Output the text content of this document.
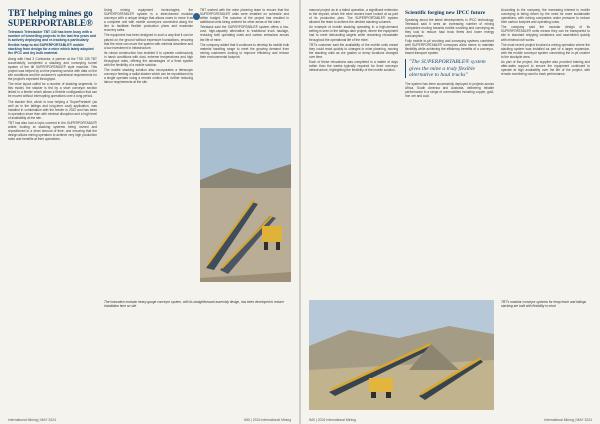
TBT helping mines go SUPERPORTABLE®

Telestack Telestacker TBT 140 has been busy with a number of tunnelling projects in the last few years and is actively deploying and re-tracking a particularly flexible heap to aid SUPERPORTABLE® mobile stacking from design for a mine which lately adopted the IPCC and dry bulk material.

Along with Haul 3 Contractor, a partner at the TSS 135 TBT successfully completed a stacking and conveying tunnel system of the tilt SUPERPORTABLE® style machine. This project was helped by a mine planning service with data on the site conditions and the customer's operational requirements for the project's expected throughput.

The mine layout called for a number of stacking segments. In this model, the stacker is fed by a short conveyor section linked to a feeder which allows a flexible configuration that can be moved without interrupting operations over a long period.

The stacker first, which is now helping a 'SuperPortable' (as well as in the tailings and long-term coal) application, was installed in combination with the feeder in 2022 and has been in operation since then with minimal disruption and a high level of availability at the site.

TBT has also had a topic covered in the SUPERPORTABLE® article looking at stacking systems being moved and repositioned in a short amount of time, and ensuring that the design allows mining operators to achieve very high production rates and benefits at their operations.

Using mining equipment technologies, the SUPERPORTABLE® system is a steel-framed modular conveyor with a unique design that allows users to move it as a complete unit with mobile conveyors connected along the line to facilitate flexible production plans and maximise recovery rates.

The equipment has been designed in such a way that it can be placed on the ground without expensive foundations, ensuring that the mine can move the system with minimal downtime and a low investment in infrastructure.

Its robust construction has enabled it to operate continuously in harsh conditions with dust, extreme temperatures and high throughput rates, offering the advantages of a fixed system with the flexibility of a mobile solution.

The mobile stacking solution also incorporates a telescopic conveyor feeding a radial stacker which can be repositioned by a single operator using a remote control unit, further reducing labour requirements at the site.

TBT worked with the mine planning team to ensure that the SUPERPORTABLE® units were installed on schedule and within budget. The success of the project has resulted in additional units being ordered for other areas of the mine.

Telestack said the SUPERPORTABLE® system offers a low-cost, high-capacity alternative to traditional truck haulage, reducing both operating costs and carbon emissions across the life of mine.

The company added that it continues to develop its mobile bulk material handling range to meet the growing demand from mining customers looking to improve efficiency and reduce their environmental footprint.

The innovative modular heavy gauge conveyor system, with its straightforward assembly design, has been developed to reduce installation time on site
International Mining | MAY 2024	IMX | 2024 International Mining

manual project as in a tailed operation, a significant extension to the deposit, which the mine owners have looked at as part of its production plan. The SUPERPORTABLE® system allowed the team to achieve the desired stacking volumes.

An example of mobile stacking operating in a high-demand setting is seen in the tailings dam project, where the equipment had to meet demanding targets while remaining relocatable throughout the operational life of the mine.

TBT's customer said the availability of the mobile units meant they could react quickly to changes in mine planning, moving the stacking units as ore grades or dump locations changed over time.

Each of these relocations was completed in a matter of days rather than the weeks typically required for fixed conveyor infrastructure, highlighting the flexibility of the mobile solution.

Scientific forging new IPCC future

Speaking about the latest developments in IPCC technology, Telestack said it sees an increasing number of mining companies moving towards mobile crushing and conveying as they look to reduce haul truck fleets and lower energy consumption.

Fully mobile in-pit crushing and conveying systems combined with SUPERPORTABLE® conveyors allow mines to maintain flexibility while achieving the efficiency benefits of a conveyor-based transport system.

"The SUPERPORTABLE® system gives the mine a truly flexible alternative to haul trucks"

The system has been successfully deployed in projects across Africa, South America and Australia, delivering reliable performance in a range of commodities including copper, gold, iron ore and coal.

According to the company, the increasing interest in mobile conveying is being driven by the need for more sustainable operations, with mining companies under pressure to reduce their carbon footprint and operating costs.

The company said the modular design of its SUPERPORTABLE® units means they can be transported to site in standard shipping containers and assembled quickly with minimal civil works.

The most recent project involved a mining operation where the stacking system was installed as part of a larger expansion, with the mobile conveyor system connecting the in-pit crusher to the stockpile area.

As part of the project, the supplier also provided training and after-sales support to ensure the equipment continued to operate at high availability over the life of the project, with remote monitoring used to track performance.

TBT's modular conveyor systems for heap leach and tailings stacking are built with flexibility in mind
IMX | 2024 International Mining	International Mining | MAY 2024
